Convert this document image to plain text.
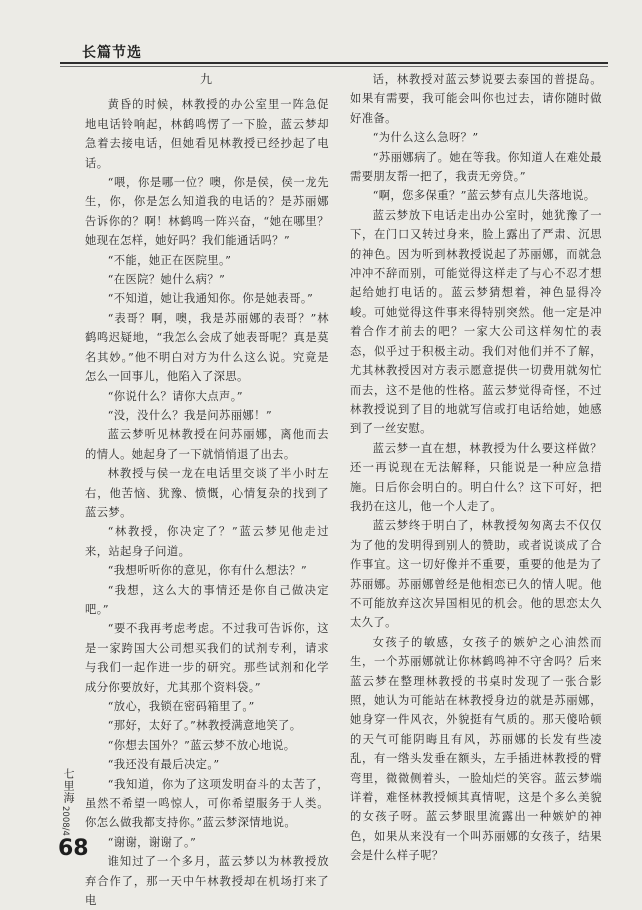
长篇节选

九

黄昏的时候，林教授的办公室里一阵急促地电话铃响起，林鹤鸣愣了一下脸，蓝云梦却急着去接电话，但她看见林教授已经抄起了电话。

“喂，你是哪一位？噢，你是侯，侯一龙先生，你，你是怎么知道我的电话的？是苏丽娜告诉你的？啊！林鹤鸣一阵兴奋，“她在哪里？她现在怎样，她好吗？我们能通话吗？”

“不能，她正在医院里。”

“在医院？她什么病？”

“不知道，她让我通知你。你是她表哥。”

“表哥？啊，噢，我是苏丽娜的表哥？”林鹤鸣迟疑地，“我怎么会成了她表哥呢？真是莫名其妙。”他不明白对方为什么这么说。究竟是怎么一回事儿，他陷入了深思。

“你说什么？请你大点声。”

“没，没什么？我是问苏丽娜！”

蓝云梦听见林教授在问苏丽娜，离他而去的情人。她起身了一下就悄悄退了出去。

林教授与侯一龙在电话里交谈了半小时左右，他苦恼、犹豫、愤慨，心情复杂的找到了蓝云梦。

“林教授，你决定了？”蓝云梦见他走过来，站起身子问道。

“我想听听你的意见，你有什么想法？”

“我想，这么大的事情还是你自己做决定吧。”

“要不我再考虑考虑。不过我可告诉你，这是一家跨国大公司想买我们的试剂专利，请求与我们一起作进一步的研究。那些试剂和化学成分你要放好，尤其那个资料袋。”

“放心，我锁在密码箱里了。”

“那好，太好了。”林教授满意地笑了。

“你想去国外？”蓝云梦不放心地说。

“我还没有最后决定。”

“我知道，你为了这项发明奋斗的太苦了，虽然不希望一鸣惊人，可你希望服务于人类。你怎么做我都支持你。”蓝云梦深情地说。

“谢谢，谢谢了。”

谁知过了一个多月，蓝云梦以为林教授放弃合作了，那一天中午林教授却在机场打来了电

话，林教授对蓝云梦说要去泰国的普提岛。如果有需要，我可能会叫你也过去，请你随时做好准备。

“为什么这么急呀？”

“苏丽娜病了。她在等我。你知道人在难处最需要朋友帮一把了，我责无旁贷。”

“啊，您多保重？”蓝云梦有点儿失落地说。

蓝云梦放下电话走出办公室时，她犹豫了一下，在门口又转过身来，脸上露出了严肃、沉思的神色。因为听到林教授说起了苏丽娜，而就急冲冲不辞而别，可能觉得这样走了与心不忍才想起给她打电话的。蓝云梦猜想着，神色显得冷峻。可她觉得这件事来得特别突然。他一定是冲着合作才前去的吧？一家大公司这样匆忙的表态，似乎过于积极主动。我们对他们并不了解，尤其林教授因对方表示愿意提供一切费用就匆忙而去，这不是他的性格。蓝云梦觉得奇怪，不过林教授说到了目的地就写信或打电话给她，她感到了一丝安慰。

蓝云梦一直在想，林教授为什么要这样做？还一再说现在无法解释，只能说是一种应急措施。日后你会明白的。明白什么？这下可好，把我扔在这儿，他一个人走了。

蓝云梦终于明白了，林教授匆匆离去不仅仅为了他的发明得到别人的赞助，或者说谈成了合作事宜。这一切好像并不重要，重要的他是为了苏丽娜。苏丽娜曾经是他相恋已久的情人呢。他不可能放弃这次异国相见的机会。他的思恋太久太久了。

女孩子的敏感，女孩子的嫉妒之心油然而生，一个苏丽娜就让你林鹤鸣神不守舍吗？后来蓝云梦在整理林教授的书桌时发现了一张合影照，她认为可能站在林教授身边的就是苏丽娜，她身穿一件风衣，外貌挺有气质的。那天傻哈顿的天气可能阴晦且有风，苏丽娜的长发有些凌乱，有一绺头发垂在额头，左手插进林教授的臂弯里，微微侧着头，一脸灿烂的笑容。蓝云梦端详着，难怪林教授倾其真情呢，这是个多么美貌的女孩子呀。蓝云梦眼里流露出一种嫉妒的神色，如果从来没有一个叫苏丽娜的女孩子，结果会是什么样子呢？

七里海
2008/4
68
